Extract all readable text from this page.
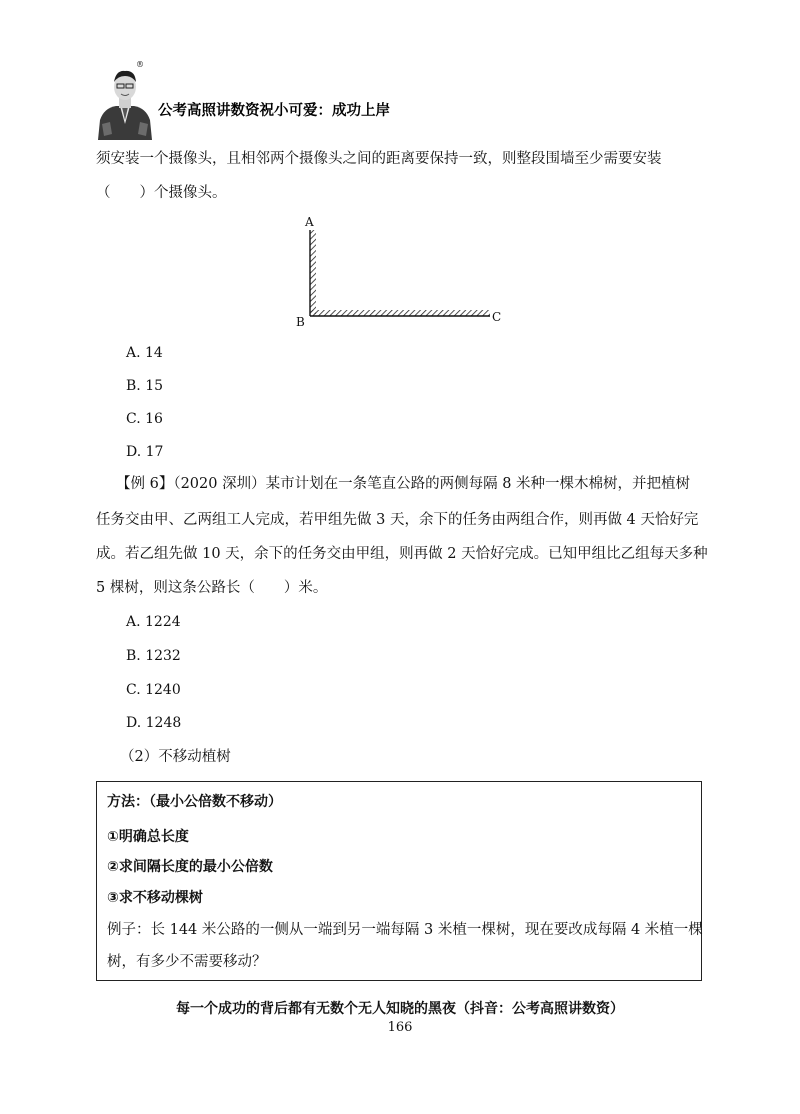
®
公考高照讲数资祝小可爱：成功上岸
须安装一个摄像头，且相邻两个摄像头之间的距离要保持一致，则整段围墙至少需要安装
（　　）个摄像头。
A
B	C
A. 14
B. 15
C. 16
D. 17
【例 6】（2020 深圳）某市计划在一条笔直公路的两侧每隔 8 米种一棵木棉树，并把植树
任务交由甲、乙两组工人完成，若甲组先做 3 天，余下的任务由两组合作，则再做 4 天恰好完
成。若乙组先做 10 天，余下的任务交由甲组，则再做 2 天恰好完成。已知甲组比乙组每天多种
5 棵树，则这条公路长（　　）米。
A. 1224
B. 1232
C. 1240
D. 1248
（2）不移动植树
方法：（最小公倍数不移动）
①明确总长度
②求间隔长度的最小公倍数
③求不移动棵树
例子：长 144 米公路的一侧从一端到另一端每隔 3 米植一棵树，现在要改成每隔 4 米植一棵
树，有多少不需要移动？
每一个成功的背后都有无数个无人知晓的黑夜（抖音：公考高照讲数资）
166
